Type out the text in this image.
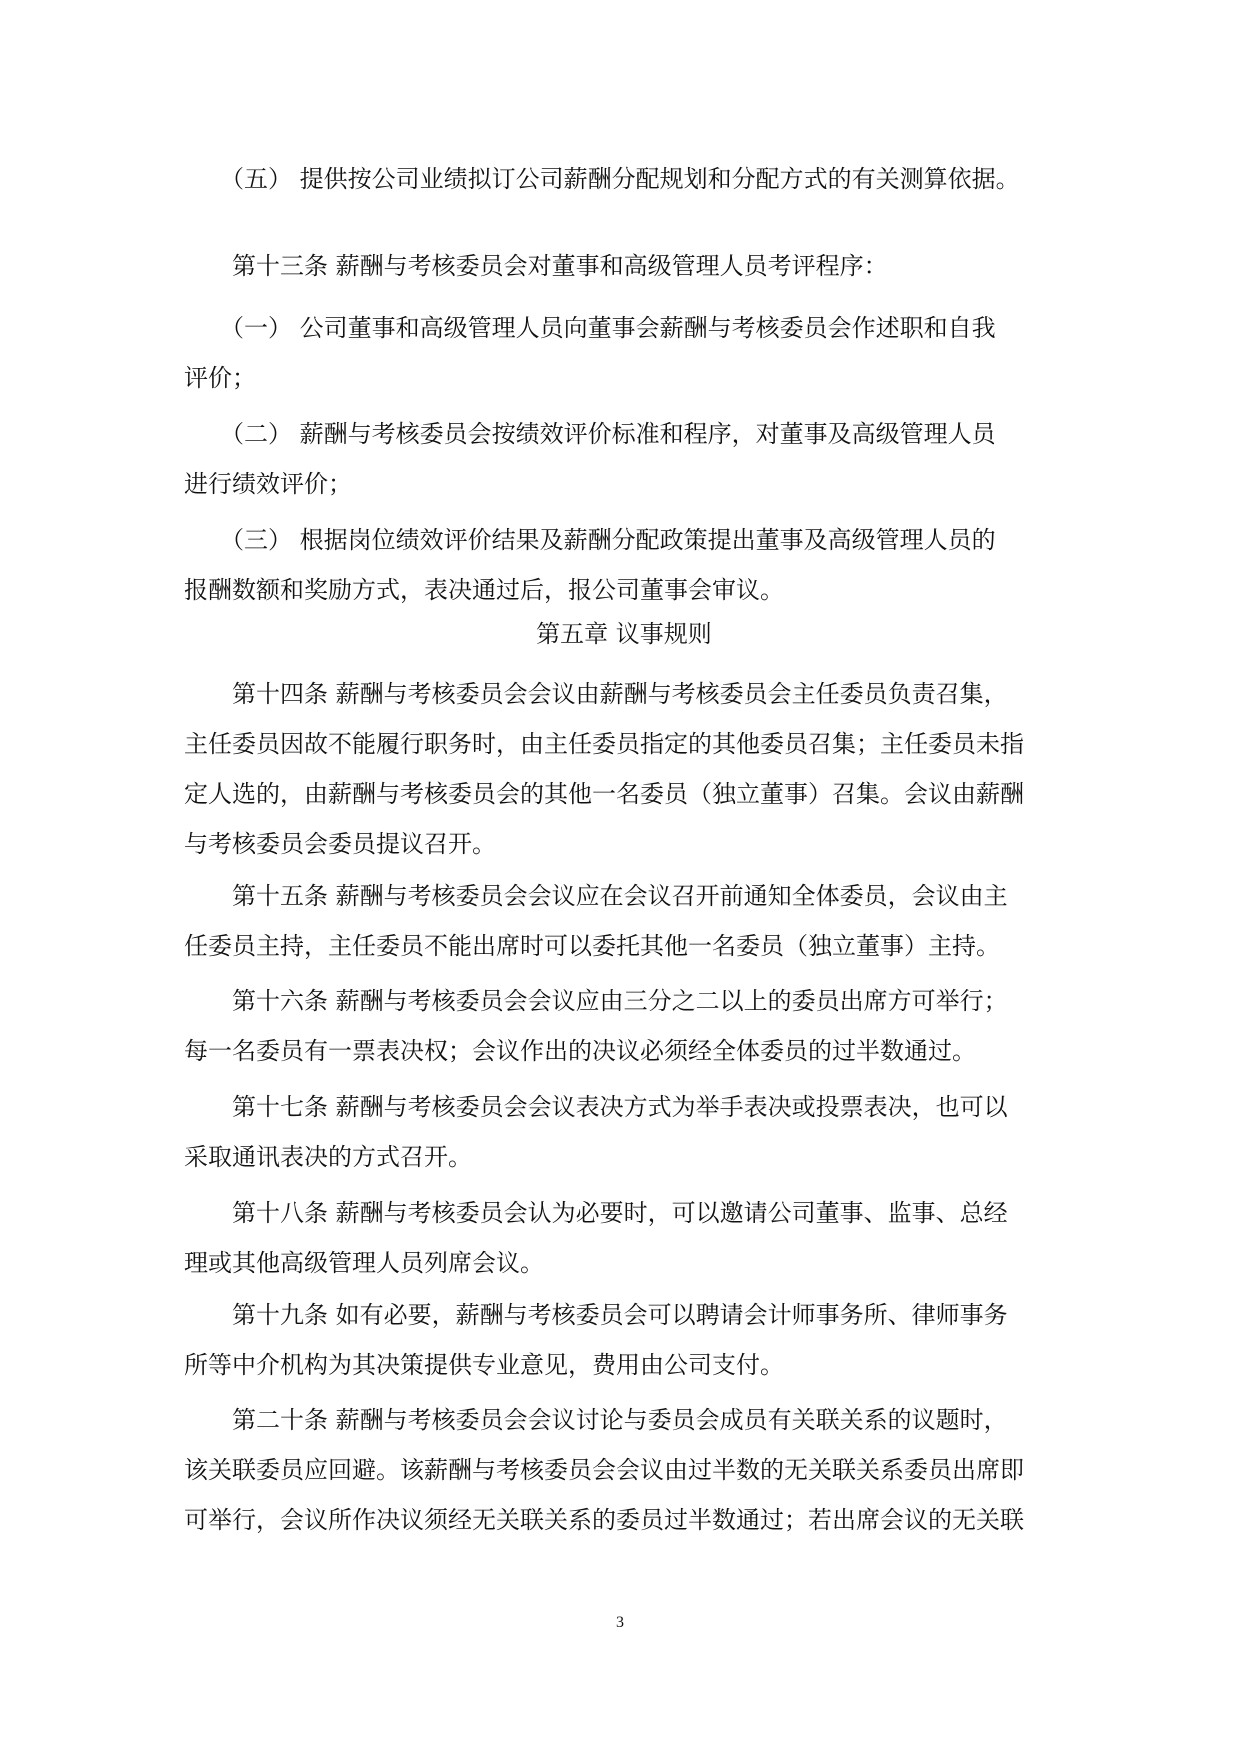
　　（五） 提供按公司业绩拟订公司薪酬分配规划和分配方式的有关测算依据。
　　第十三条 薪酬与考核委员会对董事和高级管理人员考评程序：
　　（一） 公司董事和高级管理人员向董事会薪酬与考核委员会作述职和自我
评价；
　　（二） 薪酬与考核委员会按绩效评价标准和程序，对董事及高级管理人员
进行绩效评价；
　　（三） 根据岗位绩效评价结果及薪酬分配政策提出董事及高级管理人员的
报酬数额和奖励方式，表决通过后，报公司董事会审议。
第五章 议事规则
　　第十四条 薪酬与考核委员会会议由薪酬与考核委员会主任委员负责召集，
主任委员因故不能履行职务时，由主任委员指定的其他委员召集；主任委员未指
定人选的，由薪酬与考核委员会的其他一名委员（独立董事）召集。会议由薪酬
与考核委员会委员提议召开。
　　第十五条 薪酬与考核委员会会议应在会议召开前通知全体委员，会议由主
任委员主持，主任委员不能出席时可以委托其他一名委员（独立董事）主持。
　　第十六条 薪酬与考核委员会会议应由三分之二以上的委员出席方可举行；
每一名委员有一票表决权；会议作出的决议必须经全体委员的过半数通过。
　　第十七条 薪酬与考核委员会会议表决方式为举手表决或投票表决，也可以
采取通讯表决的方式召开。
　　第十八条 薪酬与考核委员会认为必要时，可以邀请公司董事、监事、总经
理或其他高级管理人员列席会议。
　　第十九条 如有必要，薪酬与考核委员会可以聘请会计师事务所、律师事务
所等中介机构为其决策提供专业意见，费用由公司支付。
　　第二十条 薪酬与考核委员会会议讨论与委员会成员有关联关系的议题时，
该关联委员应回避。该薪酬与考核委员会会议由过半数的无关联关系委员出席即
可举行，会议所作决议须经无关联关系的委员过半数通过；若出席会议的无关联
3
